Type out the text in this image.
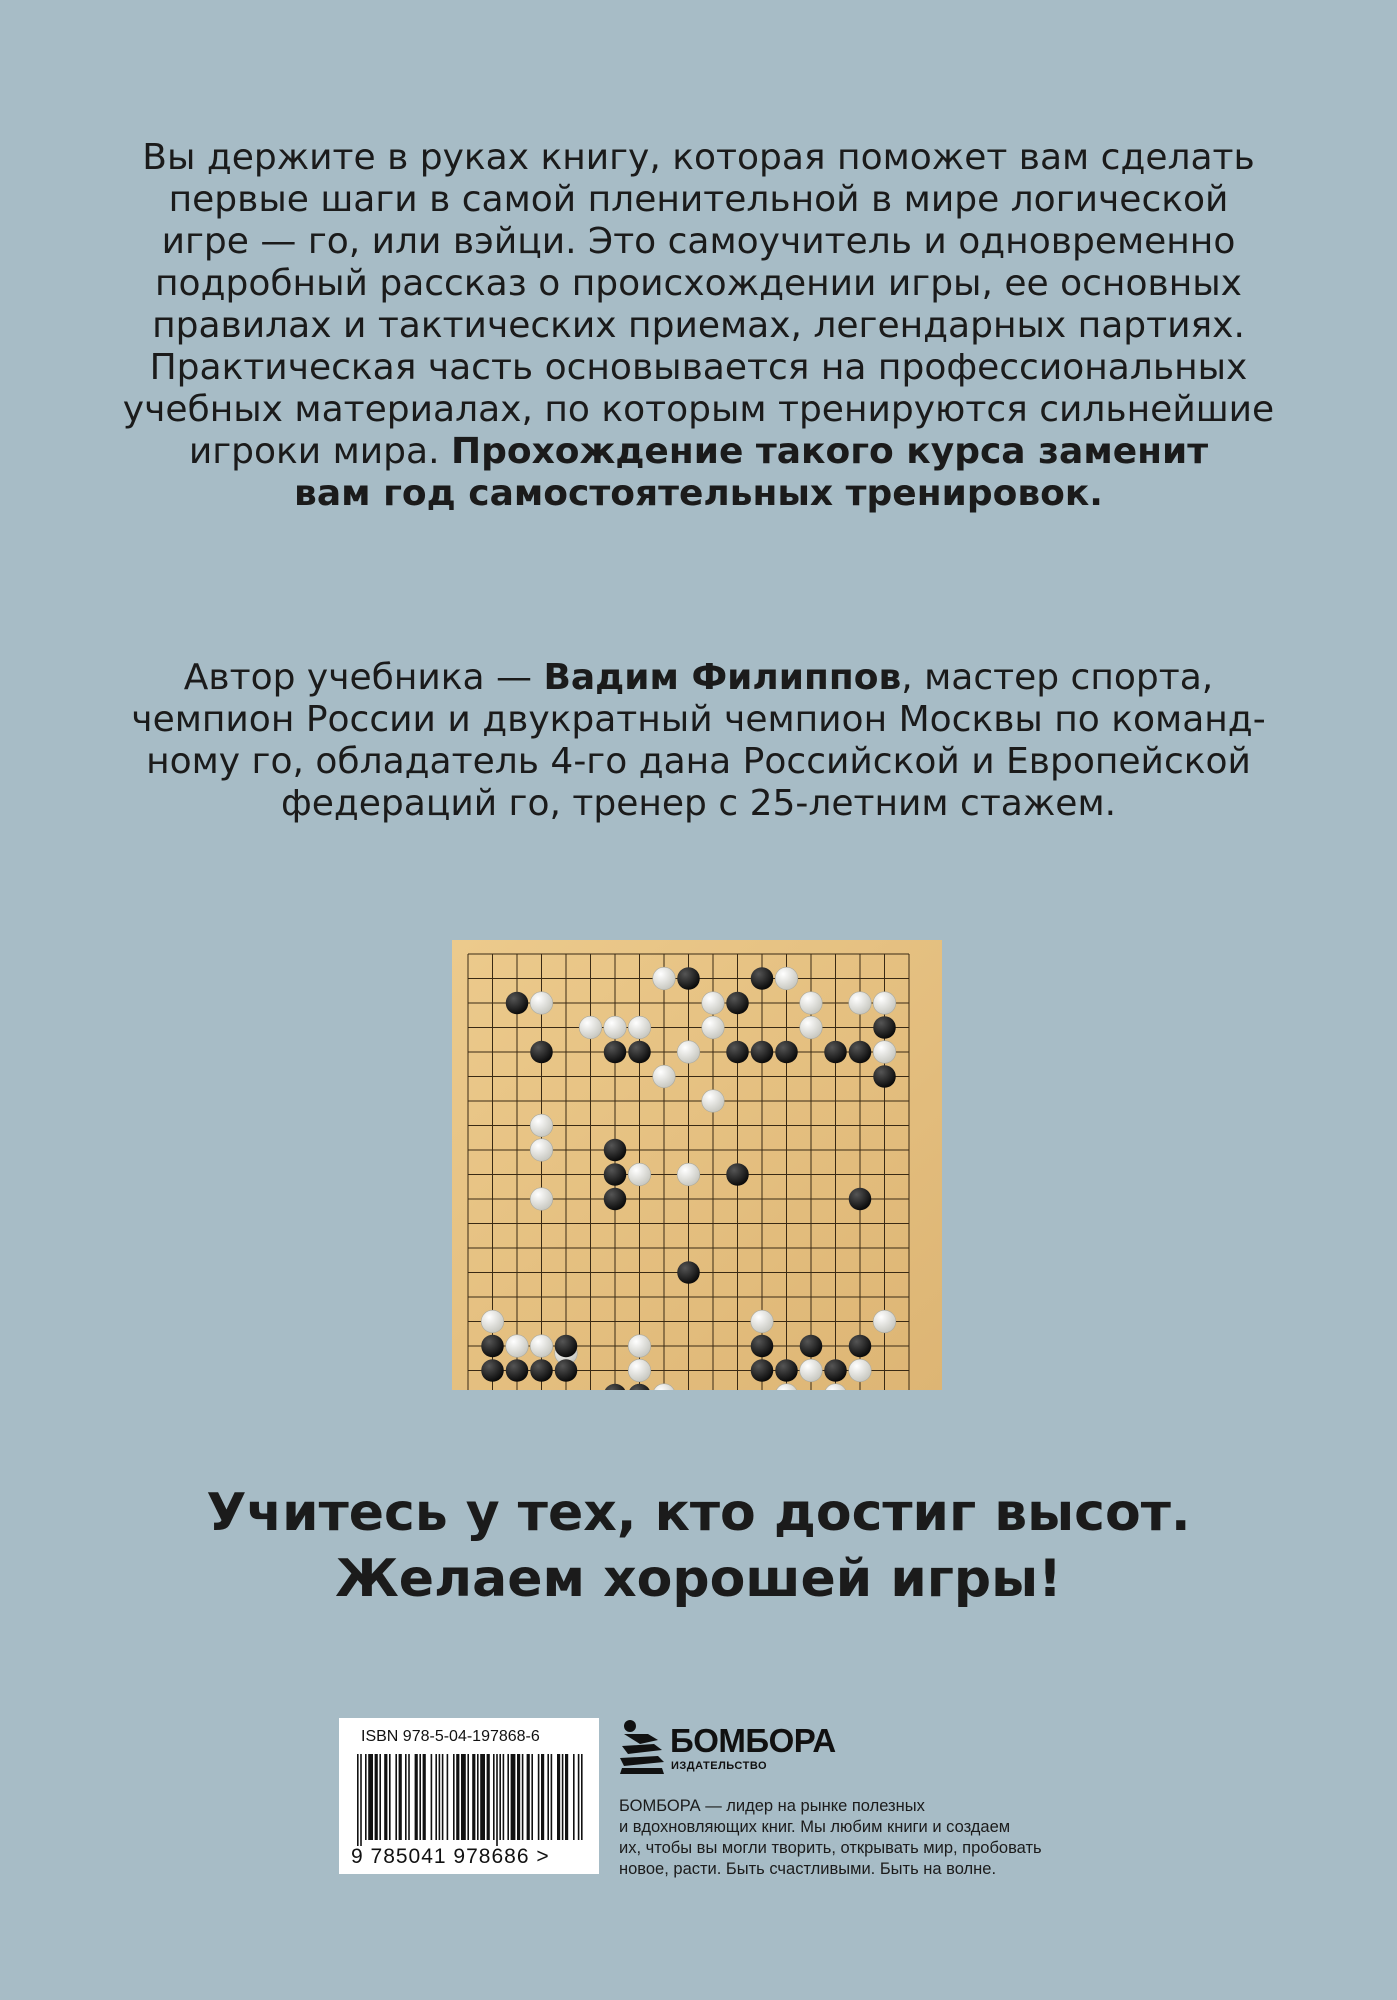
Вы держите в руках книгу, которая поможет вам сделать

первые шаги в самой пленительной в мире логической

игре — го, или вэйци. Это самоучитель и одновременно

подробный рассказ о происхождении игры, ее основных

правилах и тактических приемах, легендарных партиях.

Практическая часть основывается на профессиональных

учебных материалах, по которым тренируются сильнейшие

игроки мира. Прохождение такого курса заменит

вам год самостоятельных тренировок.

Автор учебника — Вадим Филиппов, мастер спорта,

чемпион России и двукратный чемпион Москвы по команд-

ному го, обладатель 4-го дана Российской и Европейской

федераций го, тренер с 25-летним стажем.

Учитесь у тех, кто достиг высот.
Желаем хорошей игры!
ISBN 978-5-04-197868-6
9 785041 978686 >
БОМБОРА
ИЗДАТЕЛЬСТВО
БОМБОРА — лидер на рынке полезных
и вдохновляющих книг. Мы любим книги и создаем
их, чтобы вы могли творить, открывать мир, пробовать
новое, расти. Быть счастливыми. Быть на волне.
